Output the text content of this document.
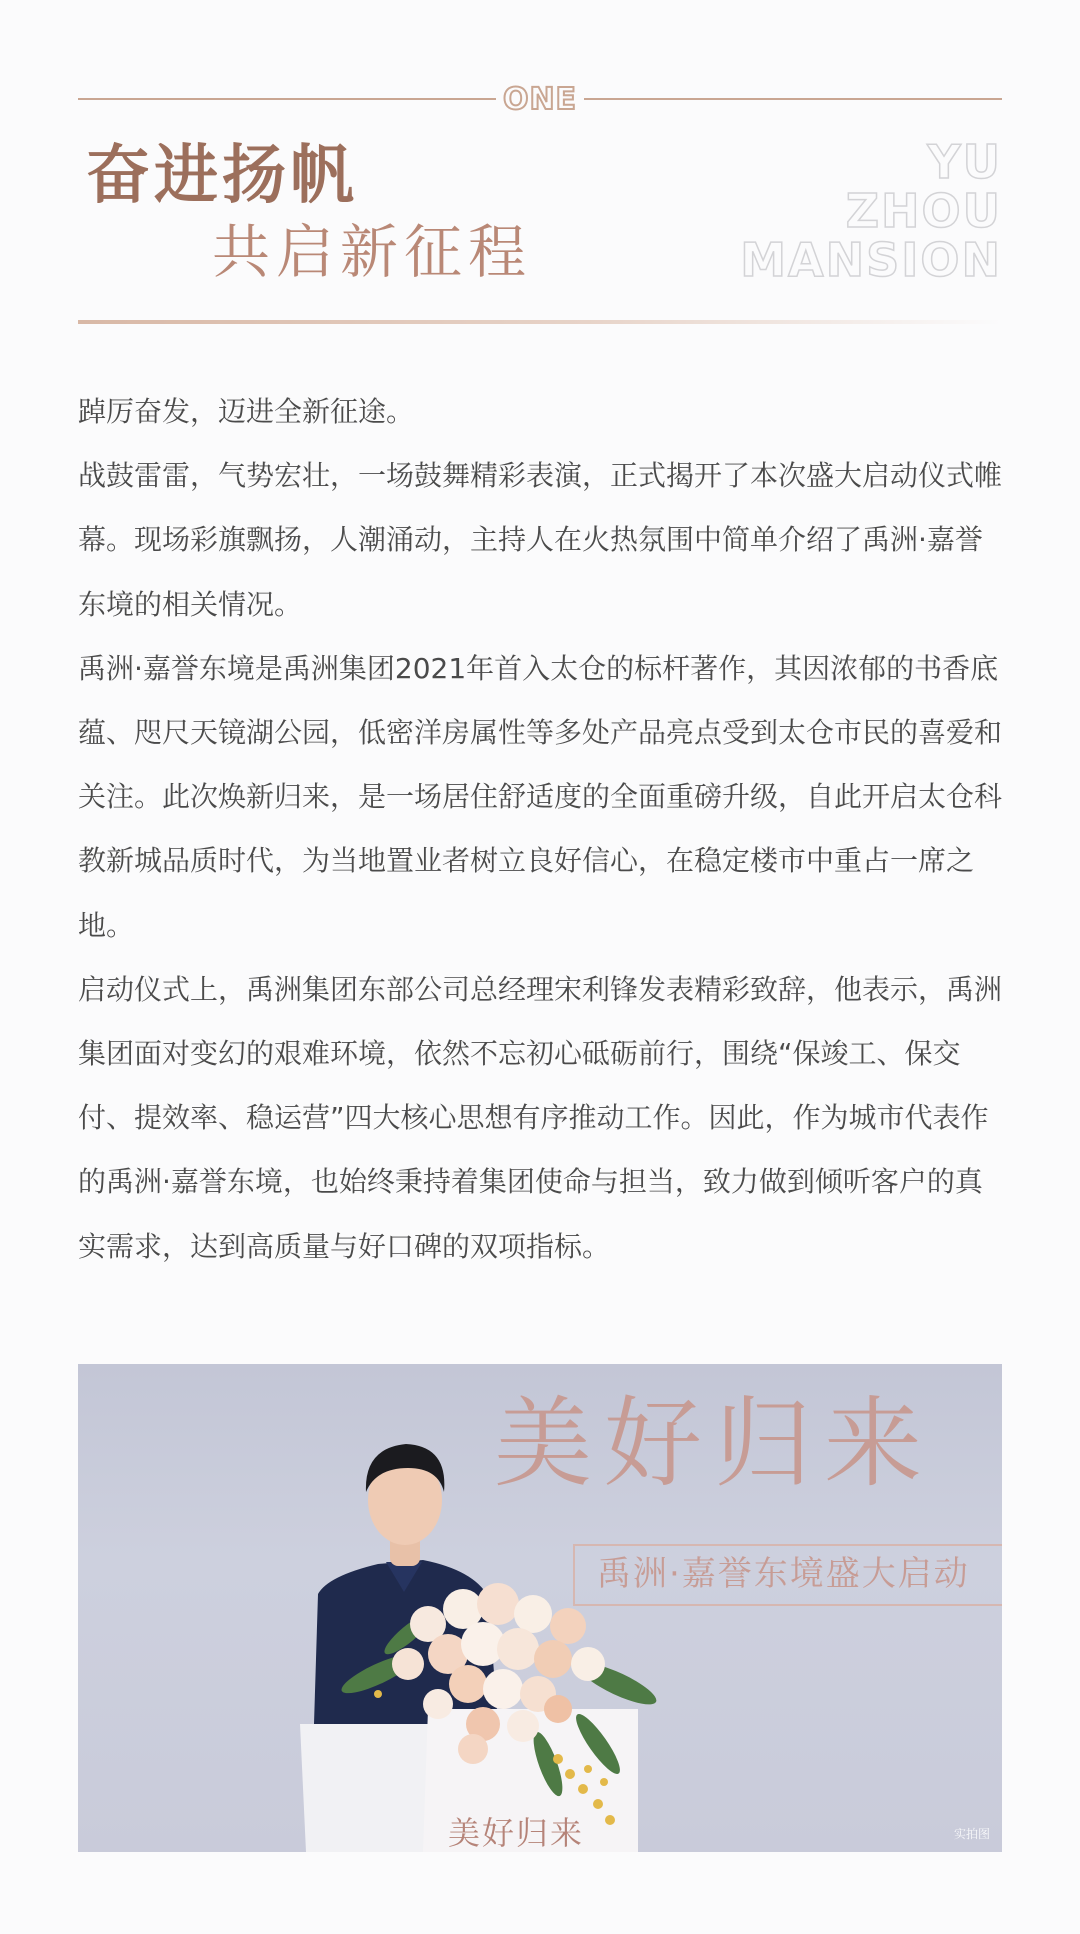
ONE
奋进扬帆
共启新征程
YU
ZHOU
MANSION

踔厉奋发，迈进全新征途。

战鼓雷雷，气势宏壮，一场鼓舞精彩表演，正式揭开了本次盛大启动仪式帷幕。现场彩旗飘扬，人潮涌动，主持人在火热氛围中简单介绍了禹洲·嘉誉东境的相关情况。

禹洲·嘉誉东境是禹洲集团2021年首入太仓的标杆著作，其因浓郁的书香底蕴、咫尺天镜湖公园，低密洋房属性等多处产品亮点受到太仓市民的喜爱和关注。此次焕新归来，是一场居住舒适度的全面重磅升级，自此开启太仓科教新城品质时代，为当地置业者树立良好信心，在稳定楼市中重占一席之地。

启动仪式上，禹洲集团东部公司总经理宋利锋发表精彩致辞，他表示，禹洲集团面对变幻的艰难环境，依然不忘初心砥砺前行，围绕“保竣工、保交付、提效率、稳运营”四大核心思想有序推动工作。因此，作为城市代表作的禹洲·嘉誉东境，也始终秉持着集团使命与担当，致力做到倾听客户的真实需求，达到高质量与好口碑的双项指标。

美好归来
禹洲·嘉誉东境盛大启动
美好归来	实拍图
